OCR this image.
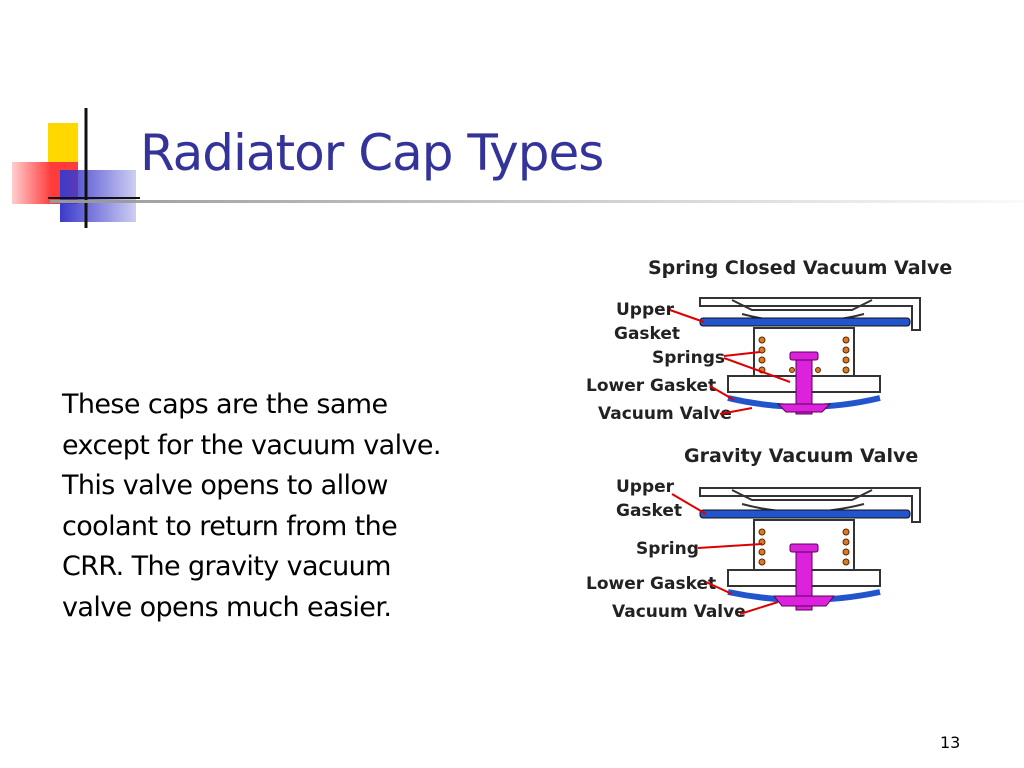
Radiator Cap Types
These caps are the same
except for the vacuum valve.
This valve opens to allow
coolant to return from the
CRR. The gravity vacuum
valve opens much easier.
Spring Closed Vacuum Valve
Upper
Gasket
Springs
Lower Gasket
Vacuum Valve
Gravity Vacuum Valve
Upper
Gasket
Spring
Lower Gasket
Vacuum Valve
13
